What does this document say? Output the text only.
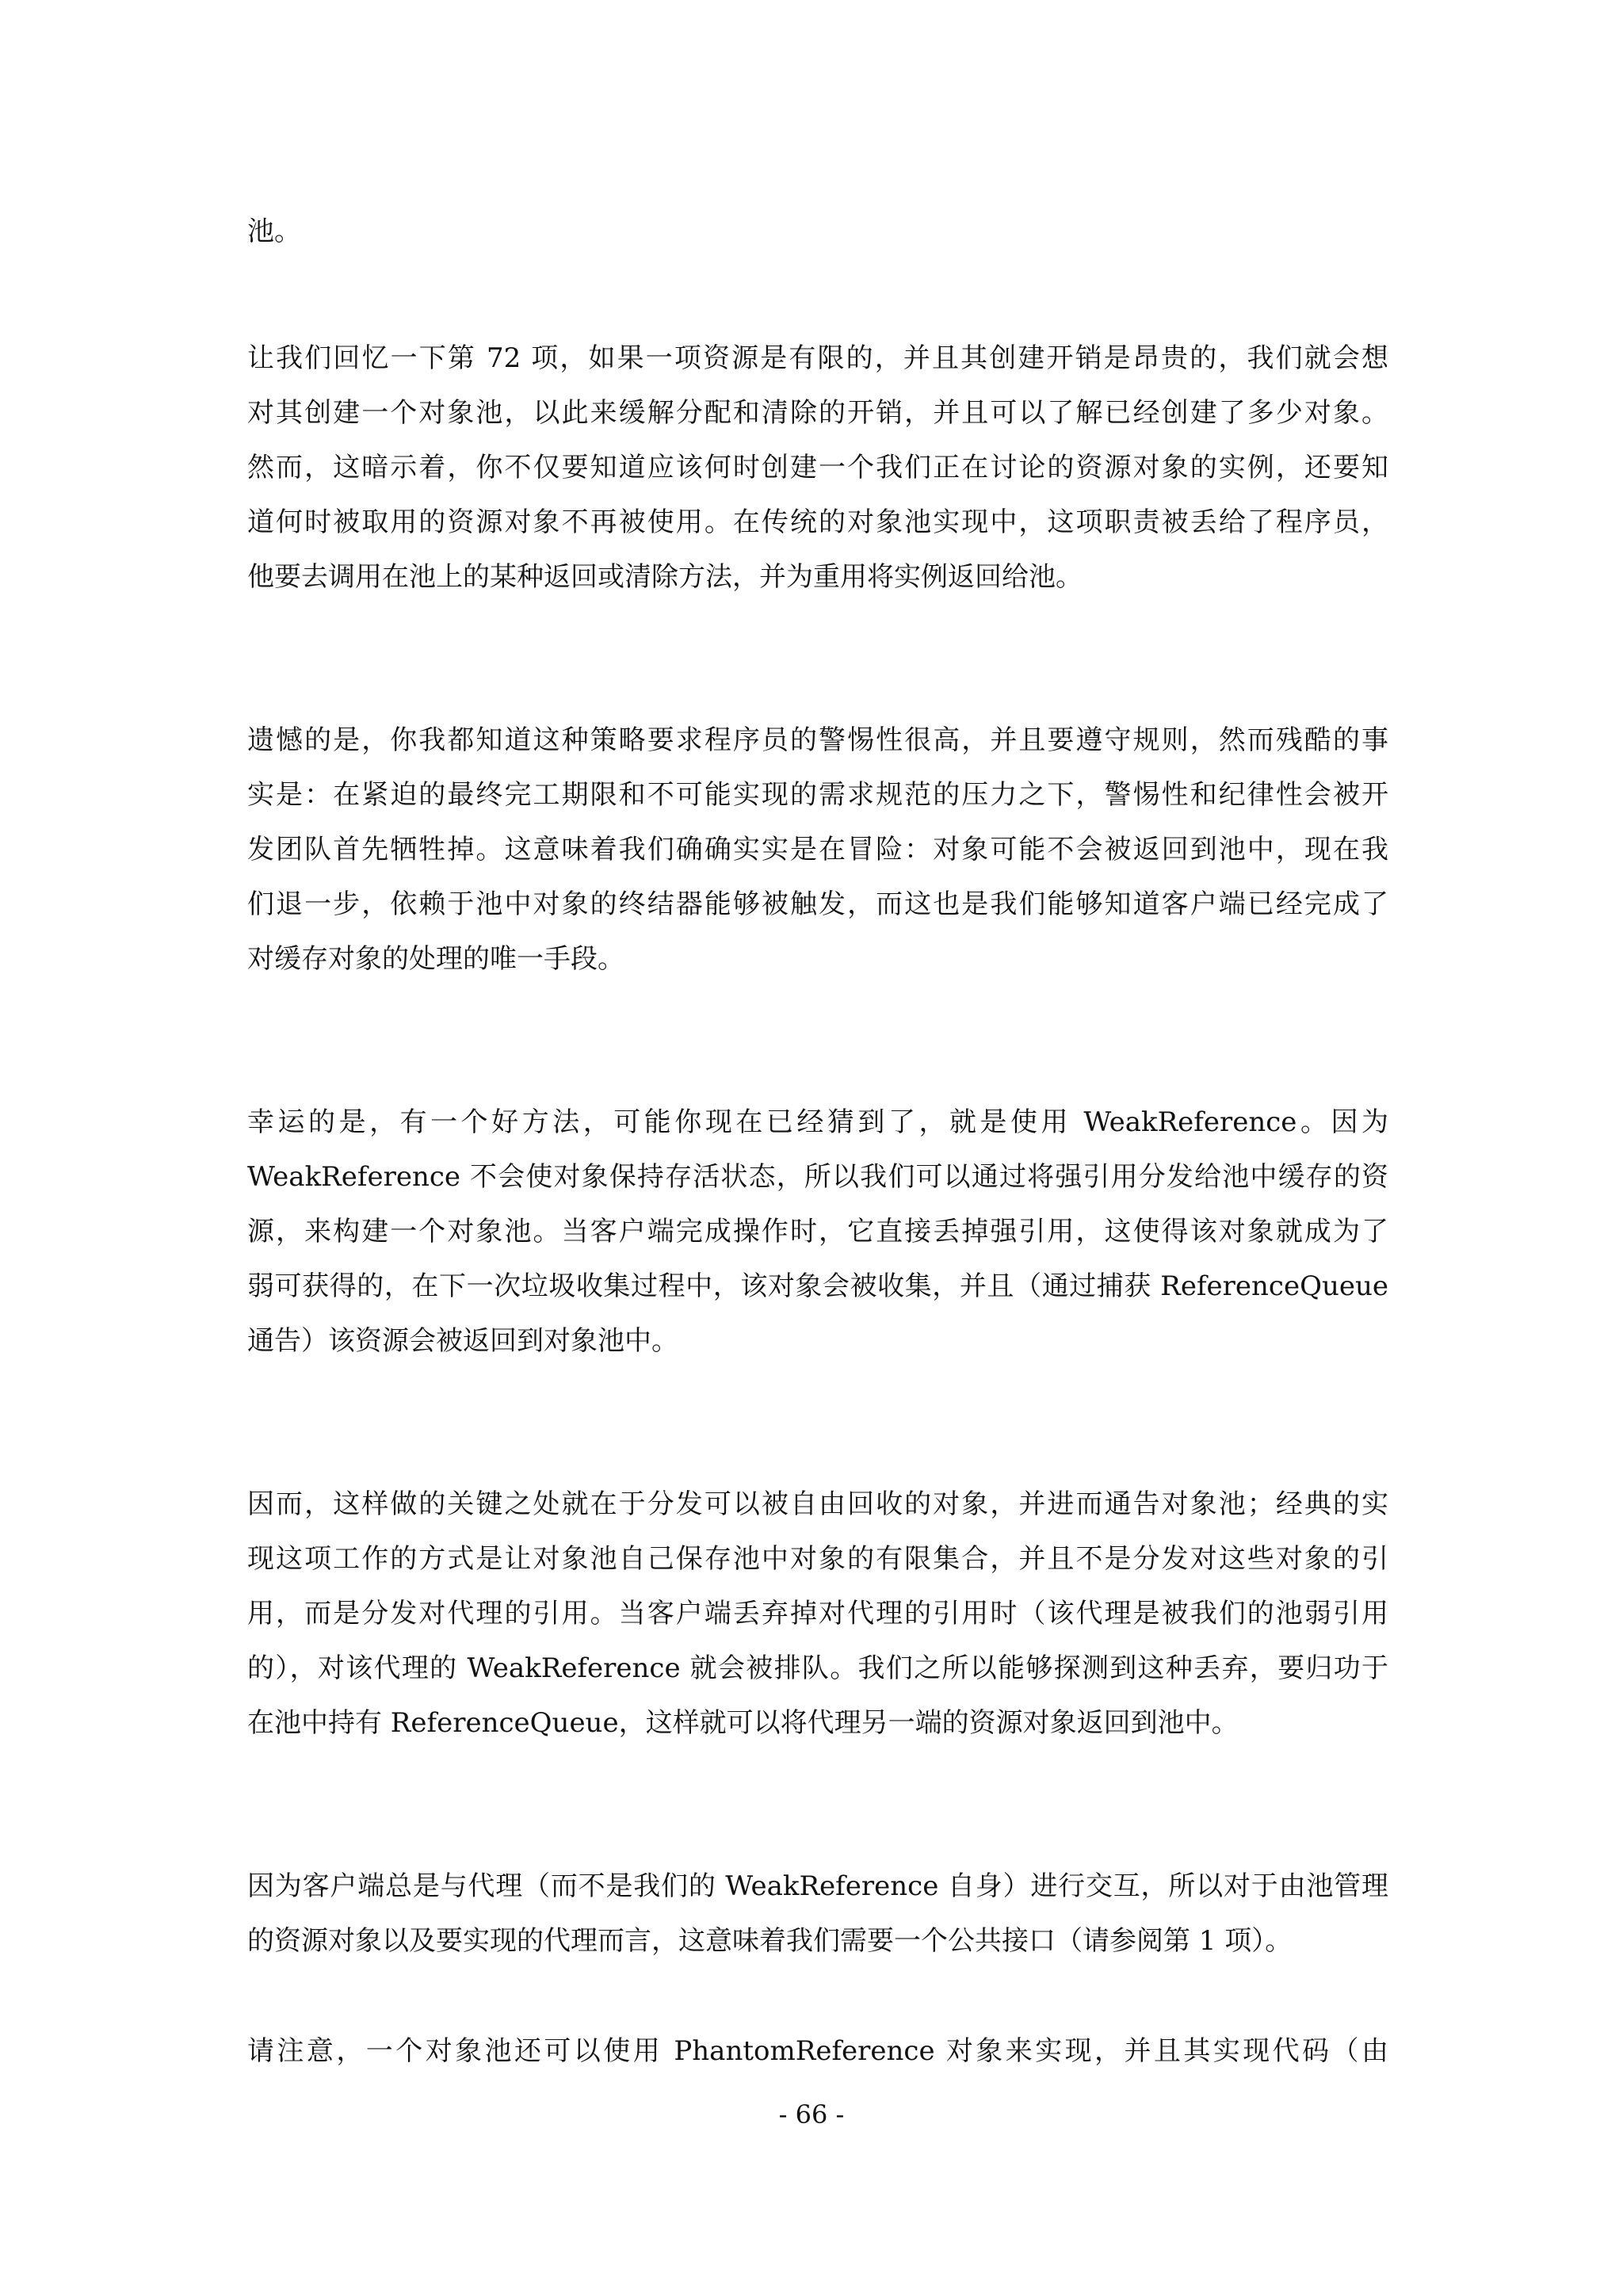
池。

让我们回忆一下第 72 项，如果一项资源是有限的，并且其创建开销是昂贵的，我们就会想
对其创建一个对象池，以此来缓解分配和清除的开销，并且可以了解已经创建了多少对象。
然而，这暗示着，你不仅要知道应该何时创建一个我们正在讨论的资源对象的实例，还要知
道何时被取用的资源对象不再被使用。在传统的对象池实现中，这项职责被丢给了程序员，
他要去调用在池上的某种返回或清除方法，并为重用将实例返回给池。

遗憾的是，你我都知道这种策略要求程序员的警惕性很高，并且要遵守规则，然而残酷的事
实是：在紧迫的最终完工期限和不可能实现的需求规范的压力之下，警惕性和纪律性会被开
发团队首先牺牲掉。这意味着我们确确实实是在冒险：对象可能不会被返回到池中，现在我
们退一步，依赖于池中对象的终结器能够被触发，而这也是我们能够知道客户端已经完成了
对缓存对象的处理的唯一手段。

幸运的是，有一个好方法，可能你现在已经猜到了，就是使用 WeakReference。因为
WeakReference 不会使对象保持存活状态，所以我们可以通过将强引用分发给池中缓存的资
源，来构建一个对象池。当客户端完成操作时，它直接丢掉强引用，这使得该对象就成为了
弱可获得的，在下一次垃圾收集过程中，该对象会被收集，并且（通过捕获 ReferenceQueue
通告）该资源会被返回到对象池中。

因而，这样做的关键之处就在于分发可以被自由回收的对象，并进而通告对象池；经典的实
现这项工作的方式是让对象池自己保存池中对象的有限集合，并且不是分发对这些对象的引
用，而是分发对代理的引用。当客户端丢弃掉对代理的引用时（该代理是被我们的池弱引用
的），对该代理的 WeakReference 就会被排队。我们之所以能够探测到这种丢弃，要归功于
在池中持有 ReferenceQueue，这样就可以将代理另一端的资源对象返回到池中。

因为客户端总是与代理（而不是我们的 WeakReference 自身）进行交互，所以对于由池管理
的资源对象以及要实现的代理而言，这意味着我们需要一个公共接口（请参阅第 1 项）。

请注意，一个对象池还可以使用 PhantomReference 对象来实现，并且其实现代码（由

- 66 -
